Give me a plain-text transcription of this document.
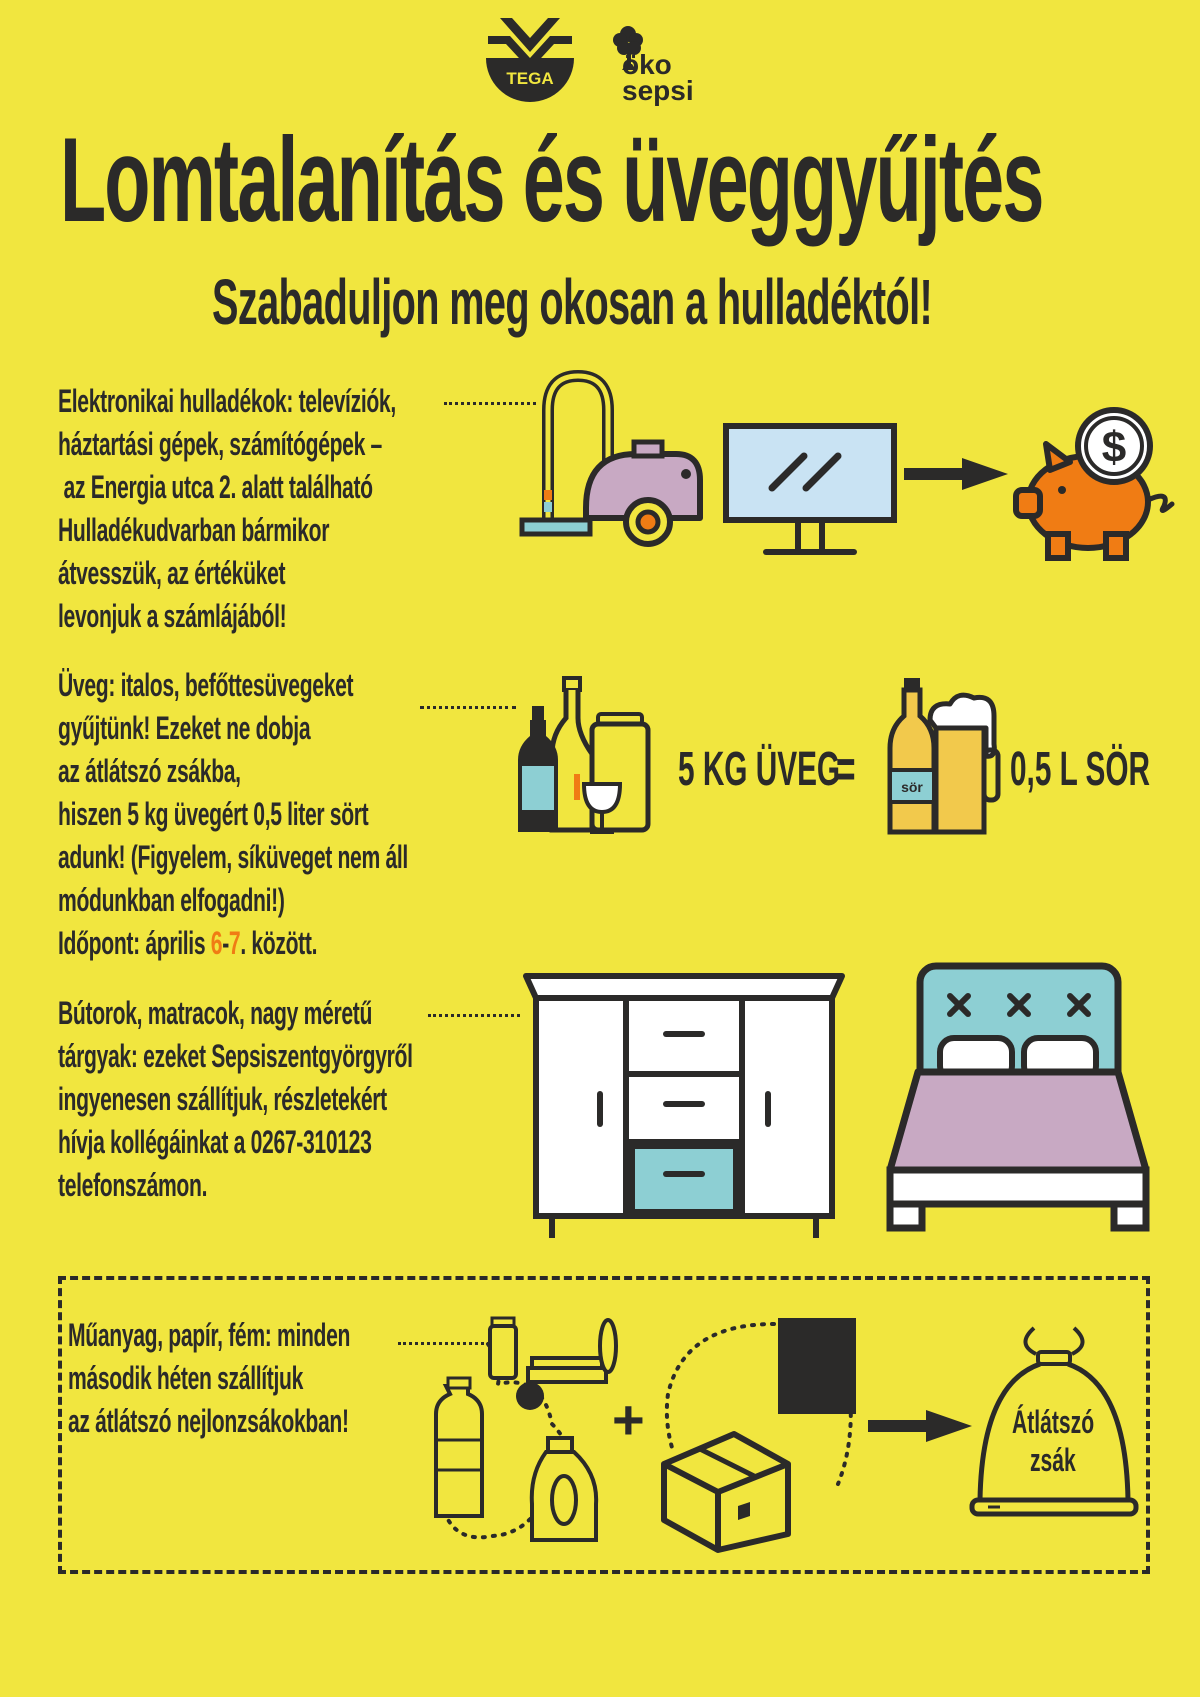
TEGA öko
sepsi
Lomtalanítás és üveggyűjtés
Szabaduljon meg okosan a hulladéktól!
Elektronikai hulladékok: televíziók,
háztartási gépek, számítógépek –
az Energia utca 2. alatt található
Hulladékudvarban bármikor
átvesszük, az értéküket
levonjuk a számlájából!
$
Üveg: italos, befőttesüvegeket
gyűjtünk! Ezeket ne dobja
az átlátszó zsákba,
hiszen 5 kg üvegért 0,5 liter sört
adunk! (Figyelem, síküveget nem áll
módunkban elfogadni!)
Időpont: április 6-7. között.
5 KG ÜVEG
=	sör 0,5 L SÖR
Bútorok, matracok, nagy méretű
tárgyak: ezeket Sepsiszentgyörgyről
ingyenesen szállítjuk, részletekért
hívja kollégáinkat a 0267-310123
telefonszámon.
Műanyag, papír, fém: minden
második héten szállítjuk
az átlátszó nejlonzsákokban!	+	Átlátszó
zsák
